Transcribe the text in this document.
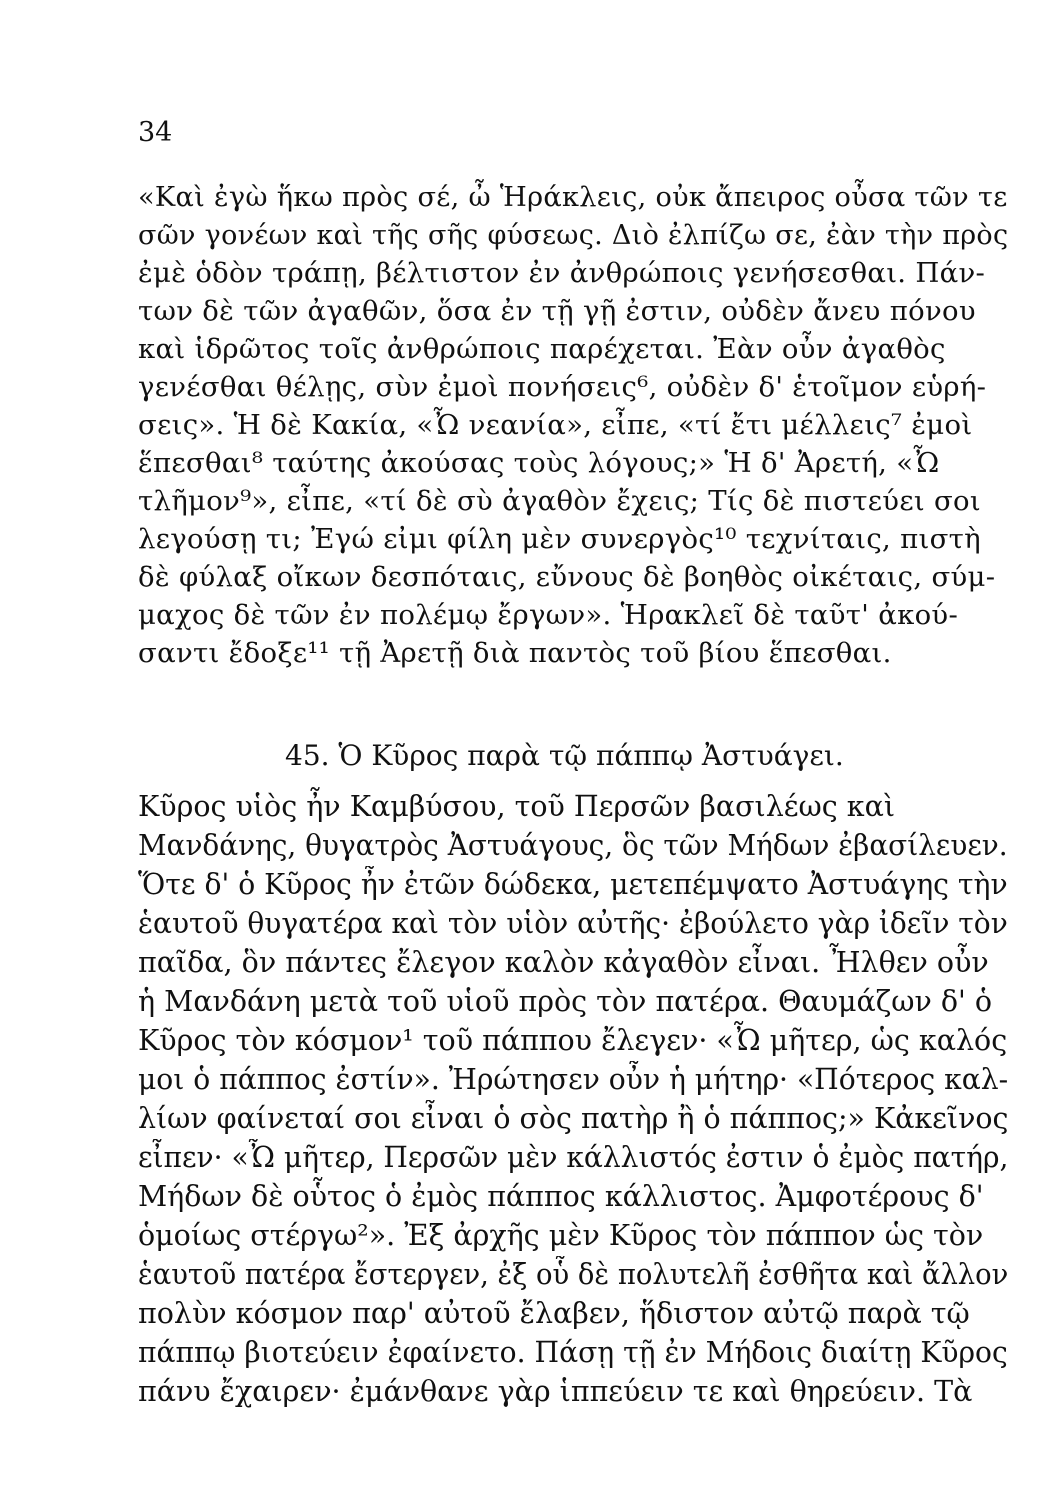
34
«Καὶ ἐγὼ ἥκω πρὸς σέ, ὦ Ἡράκλεις, οὐκ ἄπειρος οὖσα τῶν τε σῶν γονέων καὶ τῆς σῆς φύσεως. Διὸ ἐλπίζω σε, ἐὰν τὴν πρὸς
ἐμὲ ὁδὸν τράπῃ, βέλτιστον ἐν ἀνθρώποις γενήσεσθαι. Πάν-
των δὲ τῶν ἀγαθῶν, ὅσα ἐν τῇ γῇ ἐστιν, οὐδὲν ἄνευ πόνου
καὶ ἱδρῶτος τοῖς ἀνθρώποις παρέχεται. Ἐὰν οὖν ἀγαθὸς
γενέσθαι θέλῃς, σὺν ἐμοὶ πονήσεις⁶, οὐδὲν δ' ἑτοῖμον εὑρή-
σεις». Ἡ δὲ Κακία, «Ὦ νεανία», εἶπε, «τί ἔτι μέλλεις⁷ ἐμοὶ
ἕπεσθαι⁸ ταύτης ἀκούσας τοὺς λόγους;» Ἡ δ' Ἀρετή, «Ὦ
τλῆμον⁹», εἶπε, «τί δὲ σὺ ἀγαθὸν ἔχεις; Τίς δὲ πιστεύει σοι
λεγούσῃ τι; Ἐγώ εἰμι φίλη μὲν συνεργὸς¹⁰ τεχνίταις, πιστὴ
δὲ φύλαξ οἴκων δεσπόταις, εὔνους δὲ βοηθὸς οἰκέταις, σύμ-
μαχος δὲ τῶν ἐν πολέμῳ ἔργων». Ἡρακλεῖ δὲ ταῦτ' ἀκού-
σαντι ἔδοξε¹¹ τῇ Ἀρετῇ διὰ παντὸς τοῦ βίου ἕπεσθαι.
45. Ὁ Κῦρος παρὰ τῷ πάππῳ Ἀστυάγει.
Κῦρος υἱὸς ἦν Καμβύσου, τοῦ Περσῶν βασιλέως καὶ
Μανδάνης, θυγατρὸς Ἀστυάγους, ὃς τῶν Μήδων ἐβασίλευεν. Ὅτε δ' ὁ Κῦρος ἦν ἐτῶν δώδεκα, μετεπέμψατο Ἀστυάγης τὴν ἑαυτοῦ θυγατέρα καὶ τὸν υἱὸν αὐτῆς· ἐβούλετο γὰρ ἰδεῖν τὸν
παῖδα, ὃν πάντες ἔλεγον καλὸν κἀγαθὸν εἶναι. Ἦλθεν οὖν
ἡ Μανδάνη μετὰ τοῦ υἱοῦ πρὸς τὸν πατέρα. Θαυμάζων δ' ὁ
Κῦρος τὸν κόσμον¹ τοῦ πάππου ἔλεγεν· «Ὦ μῆτερ, ὡς καλός
μοι ὁ πάππος ἐστίν». Ἠρώτησεν οὖν ἡ μήτηρ· «Πότερος καλ- λίων φαίνεταί σοι εἶναι ὁ σὸς πατὴρ ἢ ὁ πάππος;» Κἀκεῖνος εἶπεν· «Ὦ μῆτερ, Περσῶν μὲν κάλλιστός ἐστιν ὁ ἐμὸς πατήρ,
Μήδων δὲ οὗτος ὁ ἐμὸς πάππος κάλλιστος. Ἀμφοτέρους δ'
ὁμοίως στέργω²». Ἐξ ἀρχῆς μὲν Κῦρος τὸν πάππον ὡς τὸν
ἑαυτοῦ πατέρα ἔστεργεν, ἐξ οὗ δὲ πολυτελῆ ἐσθῆτα καὶ ἄλλον
πολὺν κόσμον παρ' αὐτοῦ ἔλαβεν, ἥδιστον αὐτῷ παρὰ τῷ
πάππῳ βιοτεύειν ἐφαίνετο. Πάσῃ τῇ ἐν Μήδοις διαίτῃ Κῦρος
πάνυ ἔχαιρεν· ἐμάνθανε γὰρ ἱππεύειν τε καὶ θηρεύειν. Τὰ
